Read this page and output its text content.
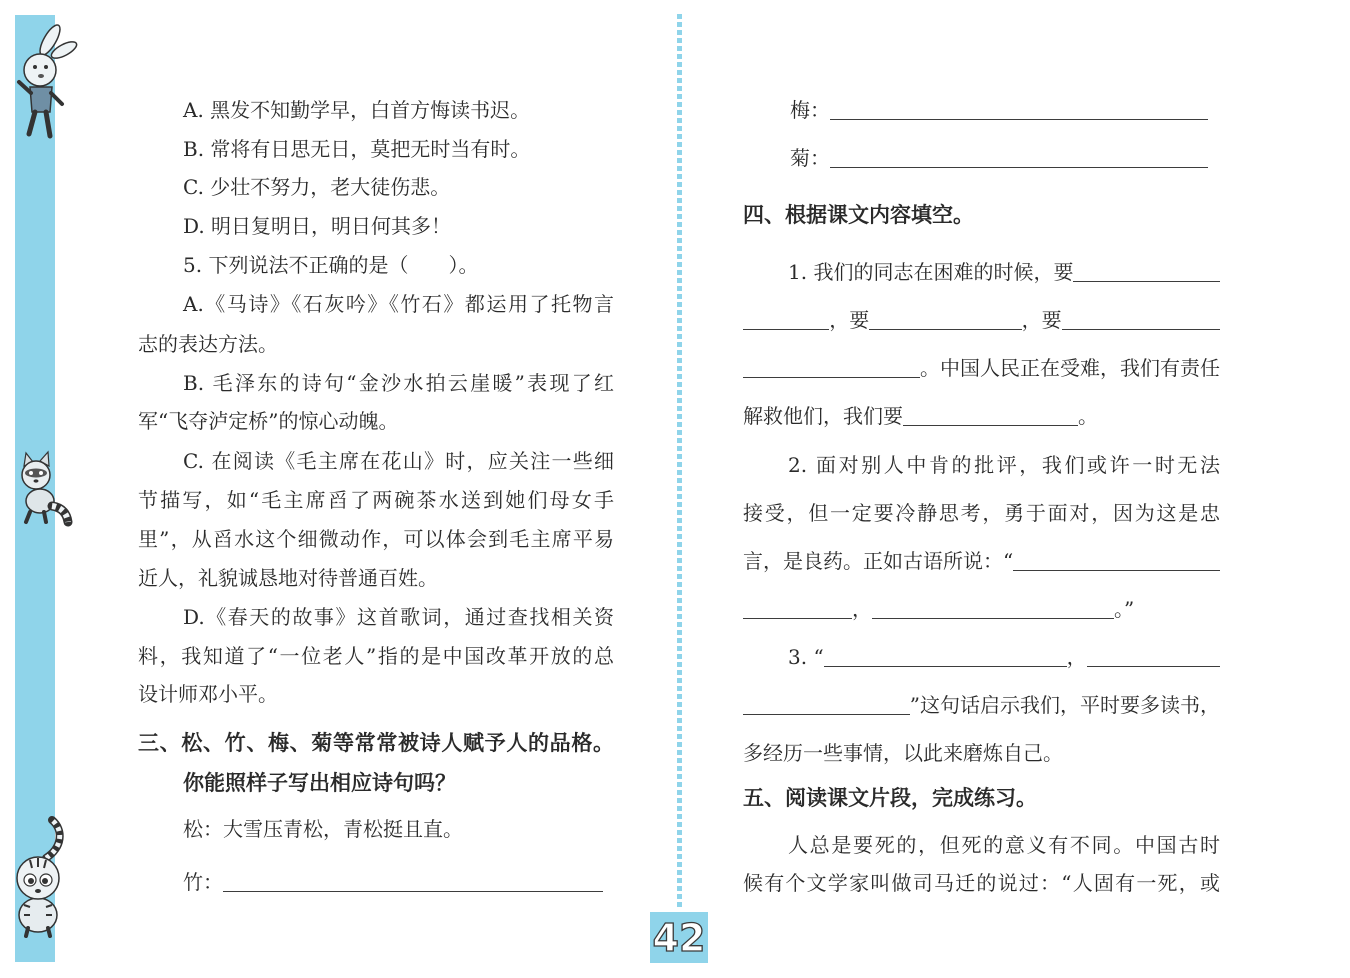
A. 黑发不知勤学早，白首方悔读书迟。
B. 常将有日思无日，莫把无时当有时。
C. 少壮不努力，老大徒伤悲。
D. 明日复明日，明日何其多！
5. 下列说法不正确的是（　　）。
A.《马诗》《石灰吟》《竹石》都运用了托物言
志的表达方法。
B. 毛泽东的诗句“金沙水拍云崖暖”表现了红
军“飞夺泸定桥”的惊心动魄。
C. 在阅读《毛主席在花山》时，应关注一些细
节描写，如“毛主席舀了两碗茶水送到她们母女手
里”，从舀水这个细微动作，可以体会到毛主席平易
近人，礼貌诚恳地对待普通百姓。
D.《春天的故事》这首歌词，通过查找相关资
料，我知道了“一位老人”指的是中国改革开放的总
设计师邓小平。
三、松、竹、梅、菊等常常被诗人赋予人的品格。
你能照样子写出相应诗句吗？
松：大雪压青松，青松挺且直。
竹：
梅：
菊：
四、根据课文内容填空。
1. 我们的同志在困难的时候，要
，要	，要
。中国人民正在受难，我们有责任
解救他们，我们要	。
2. 面对别人中肯的批评，我们或许一时无法
接受，但一定要冷静思考，勇于面对，因为这是忠
言，是良药。正如古语所说：“
，	。”
3. “	，
”这句话启示我们，平时要多读书，
多经历一些事情，以此来磨炼自己。
五、阅读课文片段，完成练习。
人总是要死的，但死的意义有不同。中国古时
候有个文学家叫做司马迁的说过：“人固有一死，或
42
